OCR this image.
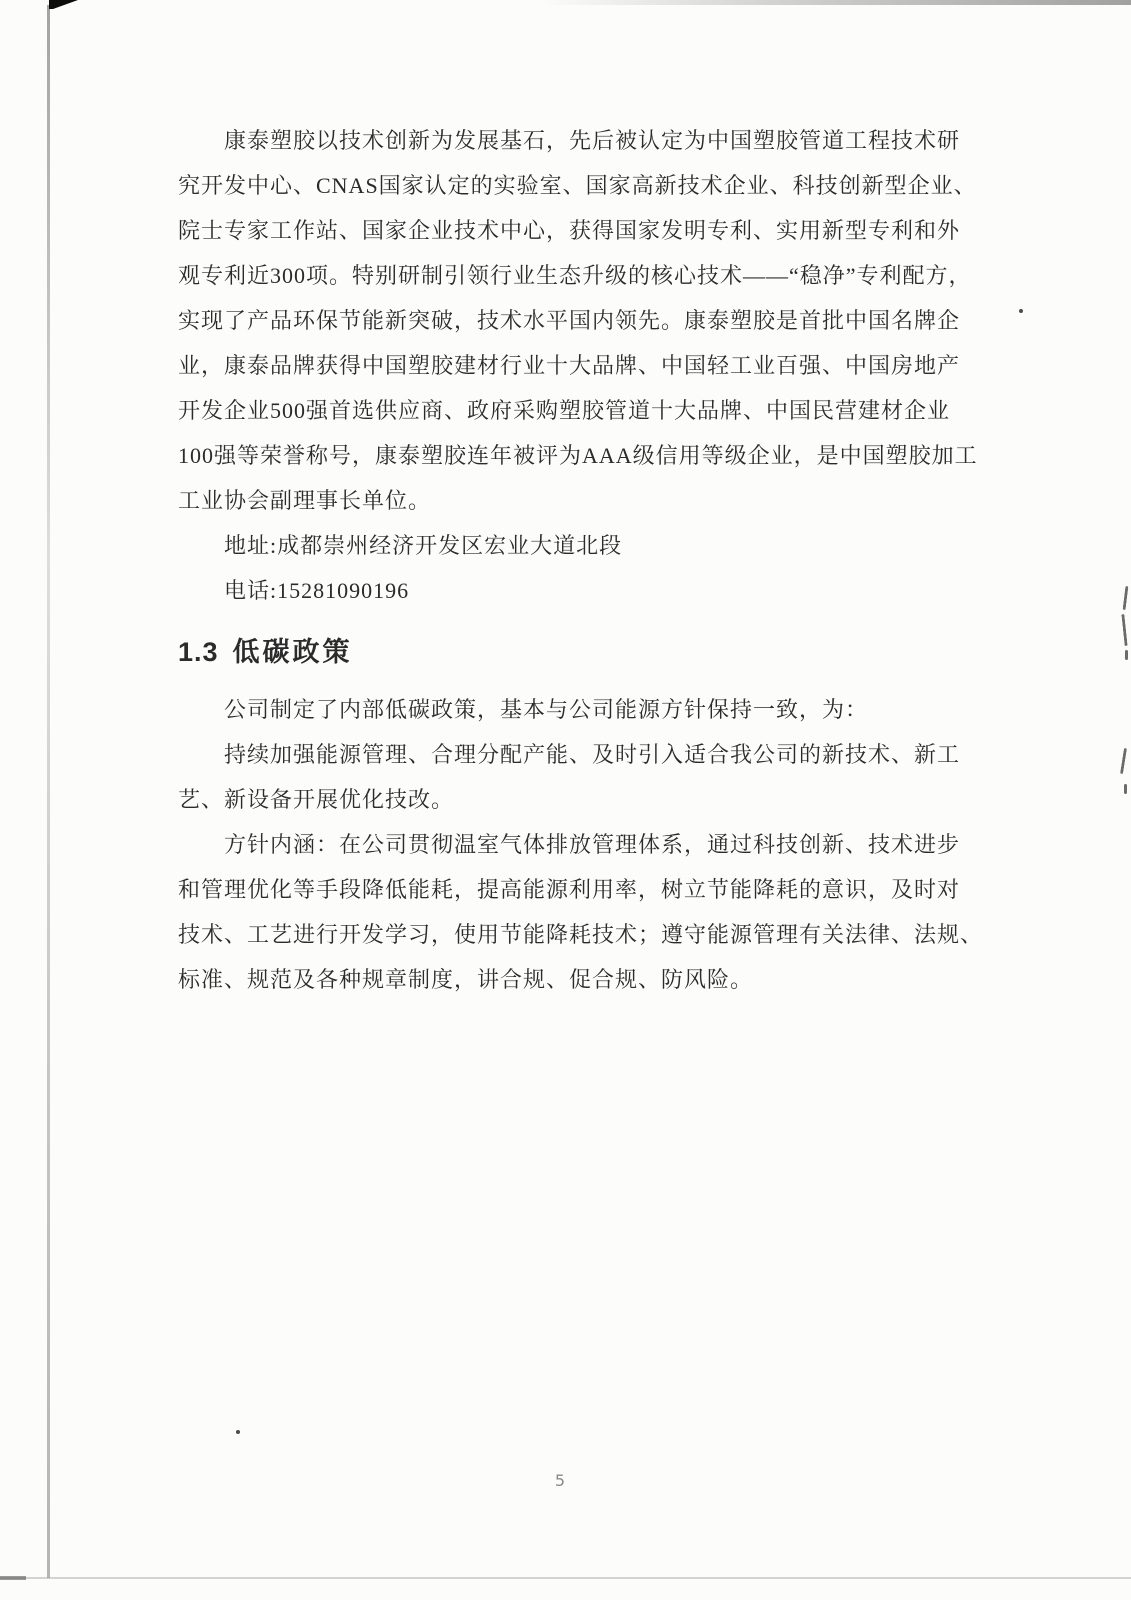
康泰塑胶以技术创新为发展基石，先后被认定为中国塑胶管道工程技术研
究开发中心、CNAS国家认定的实验室、国家高新技术企业、科技创新型企业、
院士专家工作站、国家企业技术中心，获得国家发明专利、实用新型专利和外
观专利近300项。特别研制引领行业生态升级的核心技术——“稳净”专利配方，
实现了产品环保节能新突破，技术水平国内领先。康泰塑胶是首批中国名牌企
业，康泰品牌获得中国塑胶建材行业十大品牌、中国轻工业百强、中国房地产
开发企业500强首选供应商、政府采购塑胶管道十大品牌、中国民营建材企业
100强等荣誉称号，康泰塑胶连年被评为AAA级信用等级企业，是中国塑胶加工
工业协会副理事长单位。
地址:成都崇州经济开发区宏业大道北段
电话:15281090196
1.3 低碳政策
公司制定了内部低碳政策，基本与公司能源方针保持一致，为：
持续加强能源管理、合理分配产能、及时引入适合我公司的新技术、新工
艺、新设备开展优化技改。
方针内涵：在公司贯彻温室气体排放管理体系，通过科技创新、技术进步
和管理优化等手段降低能耗，提高能源利用率，树立节能降耗的意识，及时对
技术、工艺进行开发学习，使用节能降耗技术；遵守能源管理有关法律、法规、
标准、规范及各种规章制度，讲合规、促合规、防风险。
5
